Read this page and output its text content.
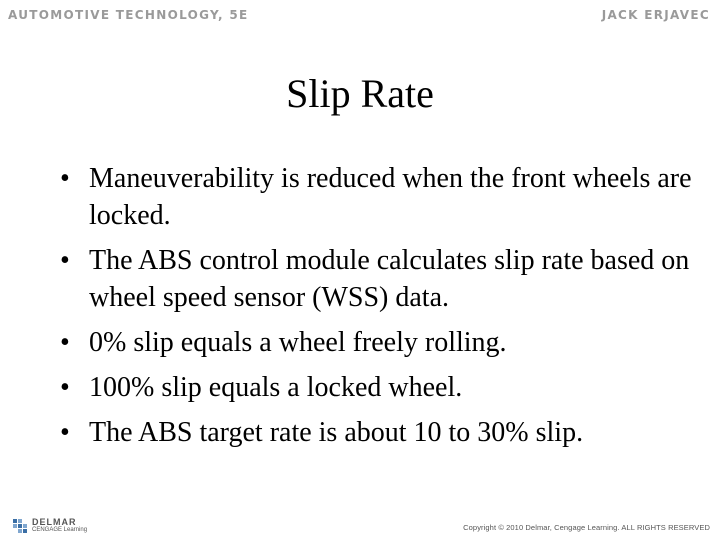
AUTOMOTIVE TECHNOLOGY, 5E	JACK ERJAVEC
Slip Rate
• Maneuverability is reduced when the front wheels are locked.
• The ABS control module calculates slip rate based on wheel speed sensor (WSS) data.
• 0% slip equals a wheel freely rolling.
• 100% slip equals a locked wheel.
• The ABS target rate is about 10 to 30% slip.
DELMAR
CENGAGE Learning	Copyright © 2010 Delmar, Cengage Learning. ALL RIGHTS RESERVED
